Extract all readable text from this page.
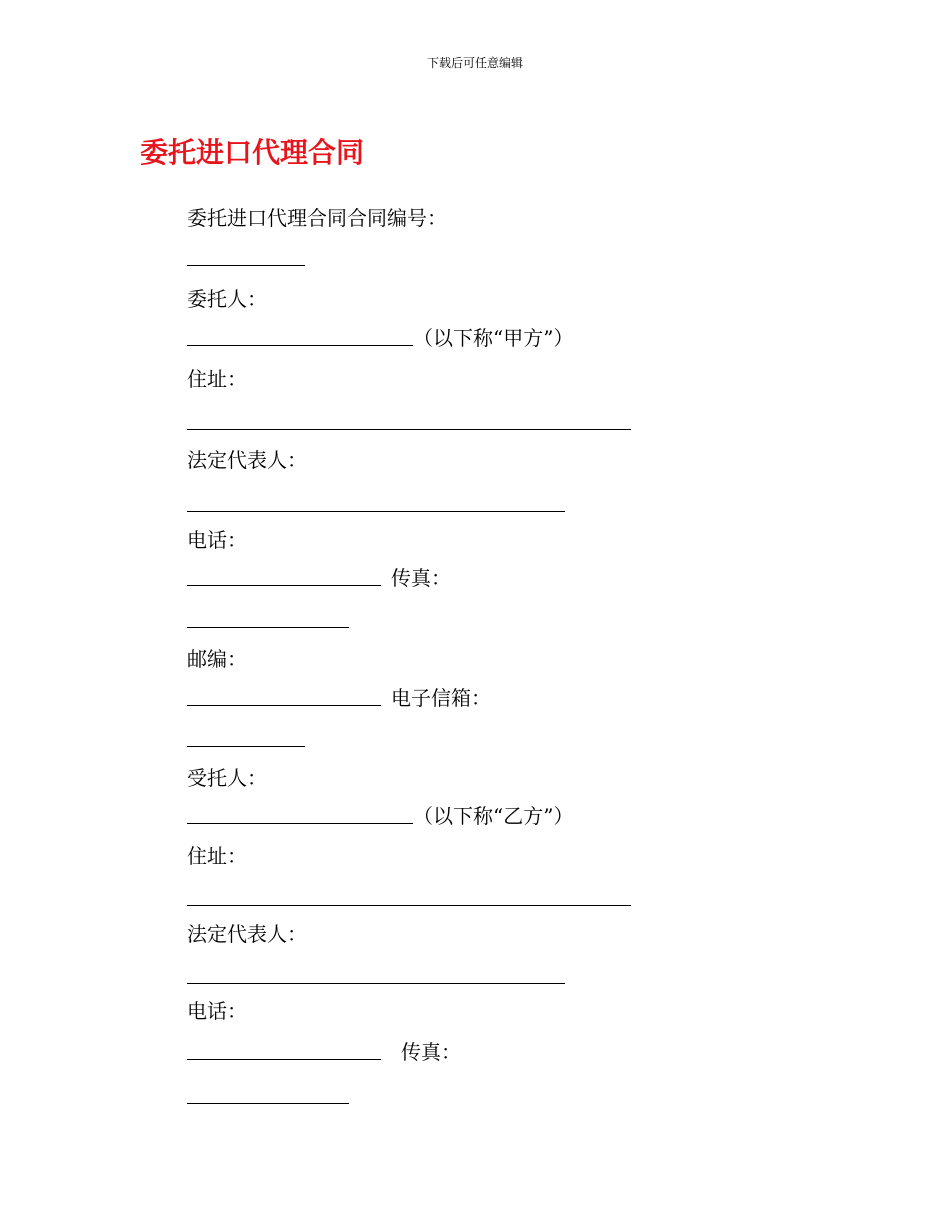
下载后可任意编辑
委托进口代理合同
委托进口代理合同合同编号：
委托人：
（以下称“甲方”）
住址：
法定代表人：
电话：
传真：
邮编：
电子信箱：
受托人：
（以下称“乙方”）
住址：
法定代表人：
电话：
传真：
